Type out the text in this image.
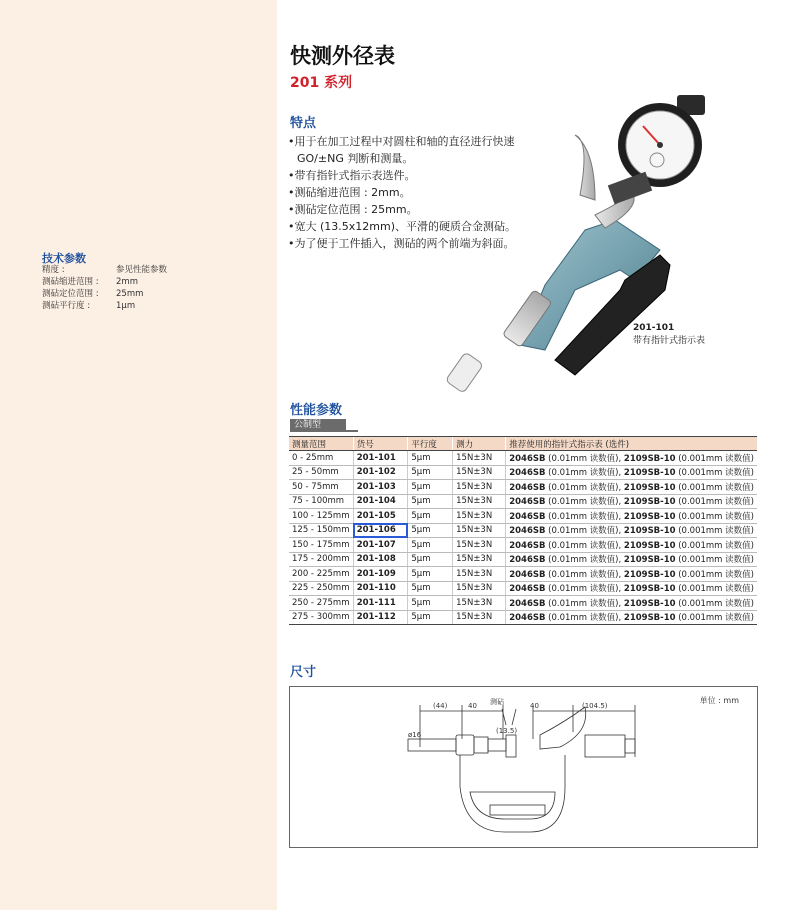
技术参数
精度 :	参见性能参数
测砧缩进范围 :	2mm
测砧定位范围 :	25mm
测砧平行度 :	1μm
快测外径表
201 系列
特点
•用于在加工过程中对圆柱和轴的直径进行快速 GO/±NG 判断和测量。
•带有指针式指示表选件。
•测砧缩进范围 : 2mm。
•测砧定位范围 : 25mm。
•宽大 (13.5x12mm)、平滑的硬质合金测砧。
•为了便于工件插入，测砧的两个前端为斜面。
201-101
带有指针式指示表
性能参数
公制型
测量范围	货号	平行度	测力	推荐使用的指针式指示表 (选件)
0 - 25mm	201-101	5μm	15N±3N	2046SB (0.01mm 读数值), 2109SB-10 (0.001mm 读数值)
25 - 50mm	201-102	5μm	15N±3N	2046SB (0.01mm 读数值), 2109SB-10 (0.001mm 读数值)
50 - 75mm	201-103	5μm	15N±3N	2046SB (0.01mm 读数值), 2109SB-10 (0.001mm 读数值)
75 - 100mm	201-104	5μm	15N±3N	2046SB (0.01mm 读数值), 2109SB-10 (0.001mm 读数值)
100 - 125mm	201-105	5μm	15N±3N	2046SB (0.01mm 读数值), 2109SB-10 (0.001mm 读数值)
125 - 150mm	201-106	5μm	15N±3N	2046SB (0.01mm 读数值), 2109SB-10 (0.001mm 读数值)
150 - 175mm	201-107	5μm	15N±3N	2046SB (0.01mm 读数值), 2109SB-10 (0.001mm 读数值)
175 - 200mm	201-108	5μm	15N±3N	2046SB (0.01mm 读数值), 2109SB-10 (0.001mm 读数值)
200 - 225mm	201-109	5μm	15N±3N	2046SB (0.01mm 读数值), 2109SB-10 (0.001mm 读数值)
225 - 250mm	201-110	5μm	15N±3N	2046SB (0.01mm 读数值), 2109SB-10 (0.001mm 读数值)
250 - 275mm	201-111	5μm	15N±3N	2046SB (0.01mm 读数值), 2109SB-10 (0.001mm 读数值)
275 - 300mm	201-112	5μm	15N±3N	2046SB (0.01mm 读数值), 2109SB-10 (0.001mm 读数值)
尺寸
单位 : mm
(44)	40 测砧	40	(104.5)
ø16	(13.5)
